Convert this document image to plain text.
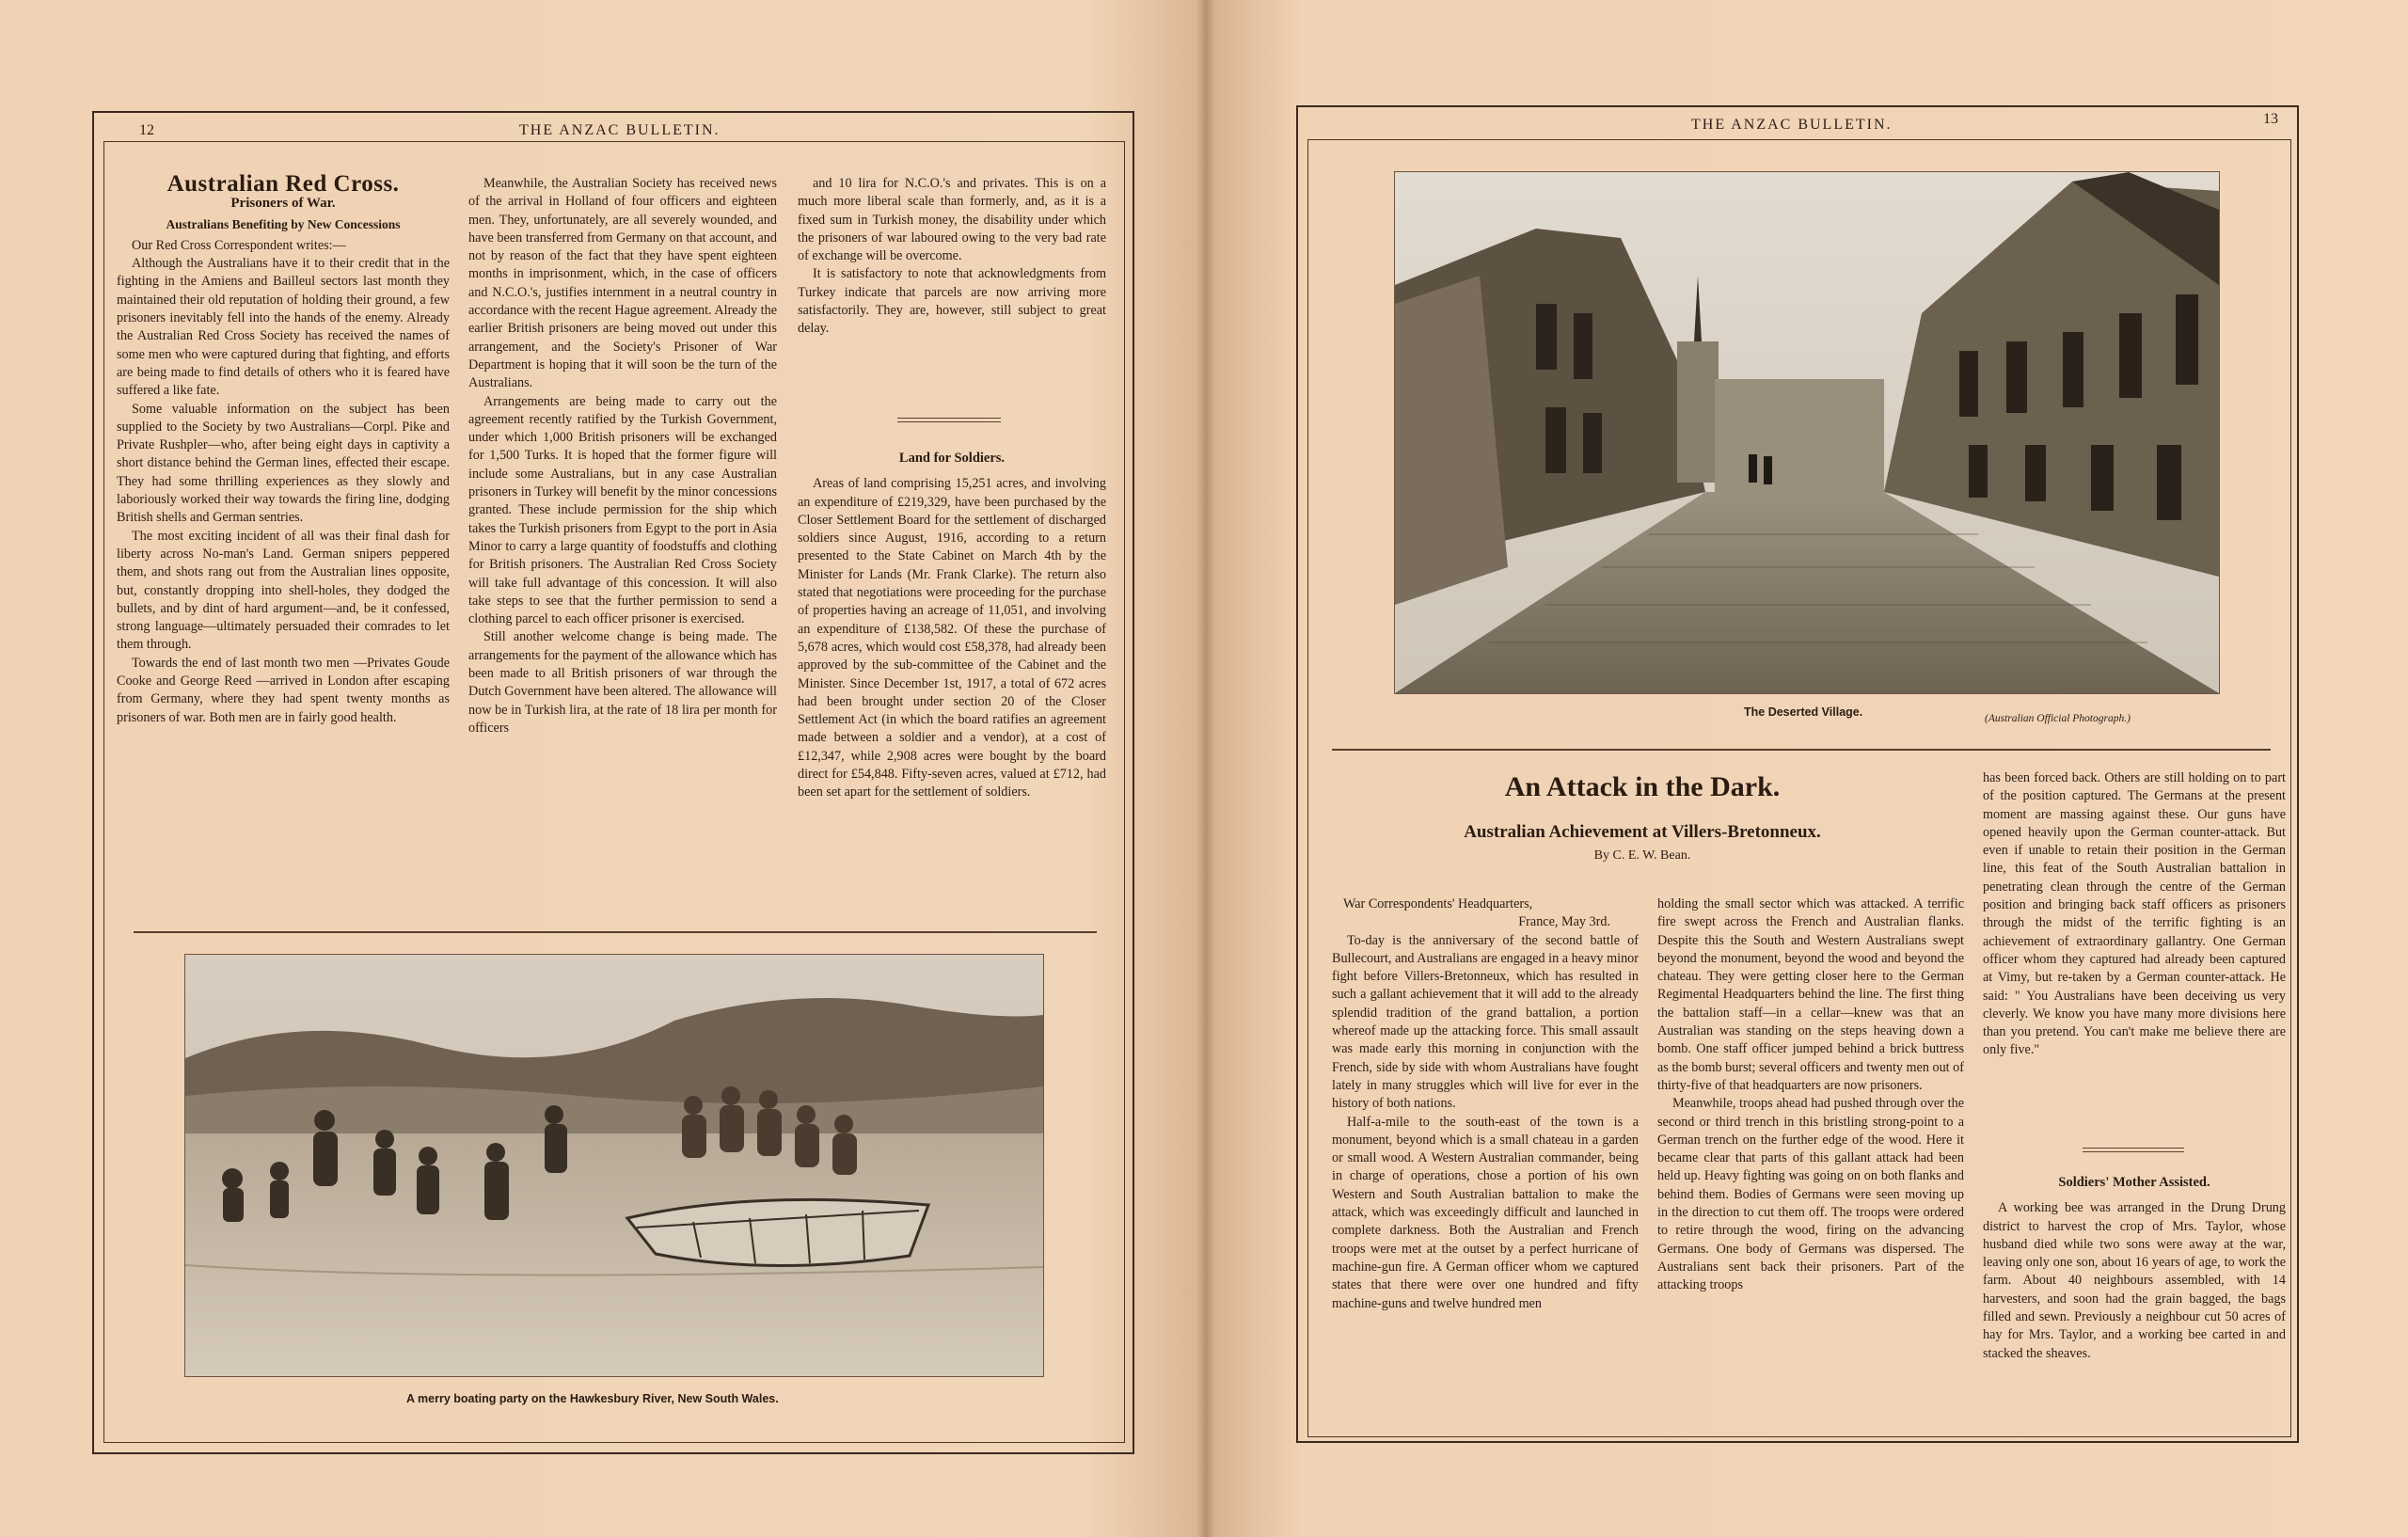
12	THE ANZAC BULLETIN.
Australian Red Cross.
Prisoners of War.
Australians Benefiting by New Concessions

Our Red Cross Correspondent writes:—

Although the Australians have it to their credit that in the fighting in the Amiens and Bailleul sectors last month they maintained their old reputation of holding their ground, a few prisoners inevitably fell into the hands of the enemy. Already the Australian Red Cross Society has received the names of some men who were captured during that fighting, and efforts are being made to find details of others who it is feared have suffered a like fate.

Some valuable information on the subject has been supplied to the Society by two Australians—Corpl. Pike and Private Rushpler—who, after being eight days in captivity a short distance behind the German lines, effected their escape. They had some thrilling experiences as they slowly and laboriously worked their way towards the firing line, dodging British shells and German sentries.

The most exciting incident of all was their final dash for liberty across No-man's Land. German snipers peppered them, and shots rang out from the Australian lines opposite, but, constantly dropping into shell-holes, they dodged the bullets, and by dint of hard argument—and, be it confessed, strong language—ultimately persuaded their comrades to let them through.

Towards the end of last month two men —Privates Goude Cooke and George Reed —arrived in London after escaping from Germany, where they had spent twenty months as prisoners of war. Both men are in fairly good health.

Meanwhile, the Australian Society has received news of the arrival in Holland of four officers and eighteen men. They, unfortunately, are all severely wounded, and have been transferred from Germany on that account, and not by reason of the fact that they have spent eighteen months in imprisonment, which, in the case of officers and N.C.O.'s, justifies internment in a neutral country in accordance with the recent Hague agreement. Already the earlier British prisoners are being moved out under this arrangement, and the Society's Prisoner of War Department is hoping that it will soon be the turn of the Australians.

Arrangements are being made to carry out the agreement recently ratified by the Turkish Government, under which 1,000 British prisoners will be exchanged for 1,500 Turks. It is hoped that the former figure will include some Australians, but in any case Australian prisoners in Turkey will benefit by the minor concessions granted. These include permission for the ship which takes the Turkish prisoners from Egypt to the port in Asia Minor to carry a large quantity of foodstuffs and clothing for British prisoners. The Australian Red Cross Society will take full advantage of this concession. It will also take steps to see that the further permission to send a clothing parcel to each officer prisoner is exercised.

Still another welcome change is being made. The arrangements for the payment of the allowance which has been made to all British prisoners of war through the Dutch Government have been altered. The allowance will now be in Turkish lira, at the rate of 18 lira per month for officers

and 10 lira for N.C.O.'s and privates. This is on a much more liberal scale than formerly, and, as it is a fixed sum in Turkish money, the disability under which the prisoners of war laboured owing to the very bad rate of exchange will be overcome.

It is satisfactory to note that acknowledgments from Turkey indicate that parcels are now arriving more satisfactorily. They are, however, still subject to great delay.

Land for Soldiers.

Areas of land comprising 15,251 acres, and involving an expenditure of £219,329, have been purchased by the Closer Settlement Board for the settlement of discharged soldiers since August, 1916, according to a return presented to the State Cabinet on March 4th by the Minister for Lands (Mr. Frank Clarke). The return also stated that negotiations were proceeding for the purchase of properties having an acreage of 11,051, and involving an expenditure of £138,582. Of these the purchase of 5,678 acres, which would cost £58,378, had already been approved by the sub-committee of the Cabinet and the Minister. Since December 1st, 1917, a total of 672 acres had been brought under section 20 of the Closer Settlement Act (in which the board ratifies an agreement made between a soldier and a vendor), at a cost of £12,347, while 2,908 acres were bought by the board direct for £54,848. Fifty-seven acres, valued at £712, had been set apart for the settlement of soldiers.

A merry boating party on the Hawkesbury River, New South Wales.
THE ANZAC BULLETIN.	13
The Deserted Village.	(Australian Official Photograph.)
An Attack in the Dark.
Australian Achievement at Villers-Bretonneux.
By C. E. W. Bean.
War Correspondents' Headquarters,
France, May 3rd.

To-day is the anniversary of the second battle of Bullecourt, and Australians are engaged in a heavy minor fight before Villers-Bretonneux, which has resulted in such a gallant achievement that it will add to the already splendid tradition of the grand battalion, a portion whereof made up the attacking force. This small assault was made early this morning in conjunction with the French, side by side with whom Australians have fought lately in many struggles which will live for ever in the history of both nations.

Half-a-mile to the south-east of the town is a monument, beyond which is a small chateau in a garden or small wood. A Western Australian commander, being in charge of operations, chose a portion of his own Western and South Australian battalion to make the attack, which was exceedingly difficult and launched in complete darkness. Both the Australian and French troops were met at the outset by a perfect hurricane of machine-gun fire. A German officer whom we captured states that there were over one hundred and fifty machine-guns and twelve hundred men

holding the small sector which was attacked. A terrific fire swept across the French and Australian flanks. Despite this the South and Western Australians swept beyond the monument, beyond the wood and beyond the chateau. They were getting closer here to the German Regimental Headquarters behind the line. The first thing the battalion staff—in a cellar—knew was that an Australian was standing on the steps heaving down a bomb. One staff officer jumped behind a brick buttress as the bomb burst; several officers and twenty men out of thirty-five of that headquarters are now prisoners.

Meanwhile, troops ahead had pushed through over the second or third trench in this bristling strong-point to a German trench on the further edge of the wood. Here it became clear that parts of this gallant attack had been held up. Heavy fighting was going on on both flanks and behind them. Bodies of Germans were seen moving up in the direction to cut them off. The troops were ordered to retire through the wood, firing on the advancing Germans. One body of Germans was dispersed. The Australians sent back their prisoners. Part of the attacking troops

has been forced back. Others are still holding on to part of the position captured. The Germans at the present moment are massing against these. Our guns have opened heavily upon the German counter-attack. But even if unable to retain their position in the German line, this feat of the South Australian battalion in penetrating clean through the centre of the German position and bringing back staff officers as prisoners through the midst of the terrific fighting is an achievement of extraordinary gallantry. One German officer whom they captured had already been captured at Vimy, but re-taken by a German counter-attack. He said: " You Australians have been deceiving us very cleverly. We know you have many more divisions here than you pretend. You can't make me believe there are only five."

Soldiers' Mother Assisted.

A working bee was arranged in the Drung Drung district to harvest the crop of Mrs. Taylor, whose husband died while two sons were away at the war, leaving only one son, about 16 years of age, to work the farm. About 40 neighbours assembled, with 14 harvesters, and soon had the grain bagged, the bags filled and sewn. Previously a neighbour cut 50 acres of hay for Mrs. Taylor, and a working bee carted in and stacked the sheaves.
